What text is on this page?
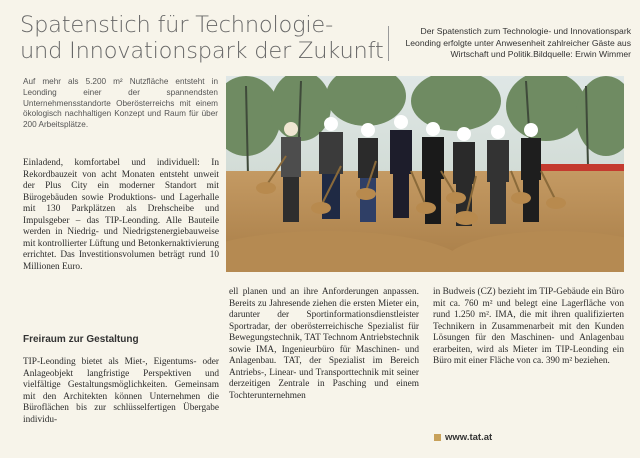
Spatenstich für Technologie-
und Innovationspark der Zukunft
Der Spatenstich zum Technologie- und Innovationspark Leonding erfolgte unter Anwesenheit zahlreicher Gäste aus Wirtschaft und Politik.Bildquelle: Erwin Wimmer

Auf mehr als 5.200 m² Nutzfläche entsteht in Leonding einer der spannendsten Unternehmensstandorte Oberösterreichs mit einem ökologisch nachhaltigen Konzept und Raum für über 200 Arbeitsplätze.

Einladend, komfortabel und individuell: In Rekordbauzeit von acht Monaten entsteht unweit der Plus City ein moderner Standort mit Bürogebäuden sowie Produktions- und Lagerhalle mit 130 Parkplätzen als Drehscheibe und Impulsgeber – das TIP-Leonding. Alle Bauteile werden in Niedrig- und Niedrigstenergiebauweise mit kontrollierter Lüftung und Betonkernaktivierung errichtet. Das Investitionsvolumen beträgt rund 10 Millionen Euro.

Freiraum zur Gestaltung

TIP-Leonding bietet als Miet-, Eigentums- oder Anlageobjekt langfristige Perspektiven und vielfältige Gestaltungsmöglichkeiten. Gemeinsam mit den Architekten können Unternehmen die Büroflächen bis zur schlüsselfertigen Übergabe individu-

ell planen und an ihre Anforderungen anpassen. Bereits zu Jahresende ziehen die ersten Mieter ein, darunter der Sportinformationsdienstleister Sportradar, der oberösterreichische Spezialist für Bewegungstechnik, TAT Technom Antriebstechnik sowie IMA, Ingenieurbüro für Maschinen- und Anlagenbau. TAT, der Spezialist im Bereich Antriebs-, Linear- und Transporttechnik mit seiner derzeitigen Zentrale in Pasching und einem Tochterunternehmen

in Budweis (CZ) bezieht im TIP-Gebäude ein Büro mit ca. 760 m² und belegt eine Lagerfläche von rund 1.250 m². IMA, die mit ihren qualifizierten Technikern in Zusammenarbeit mit den Kunden Lösungen für den Maschinen- und Anlagenbau erarbeiten, wird als Mieter im TIP-Leonding ein Büro mit einer Fläche von ca. 390 m² beziehen.

www.tat.at
